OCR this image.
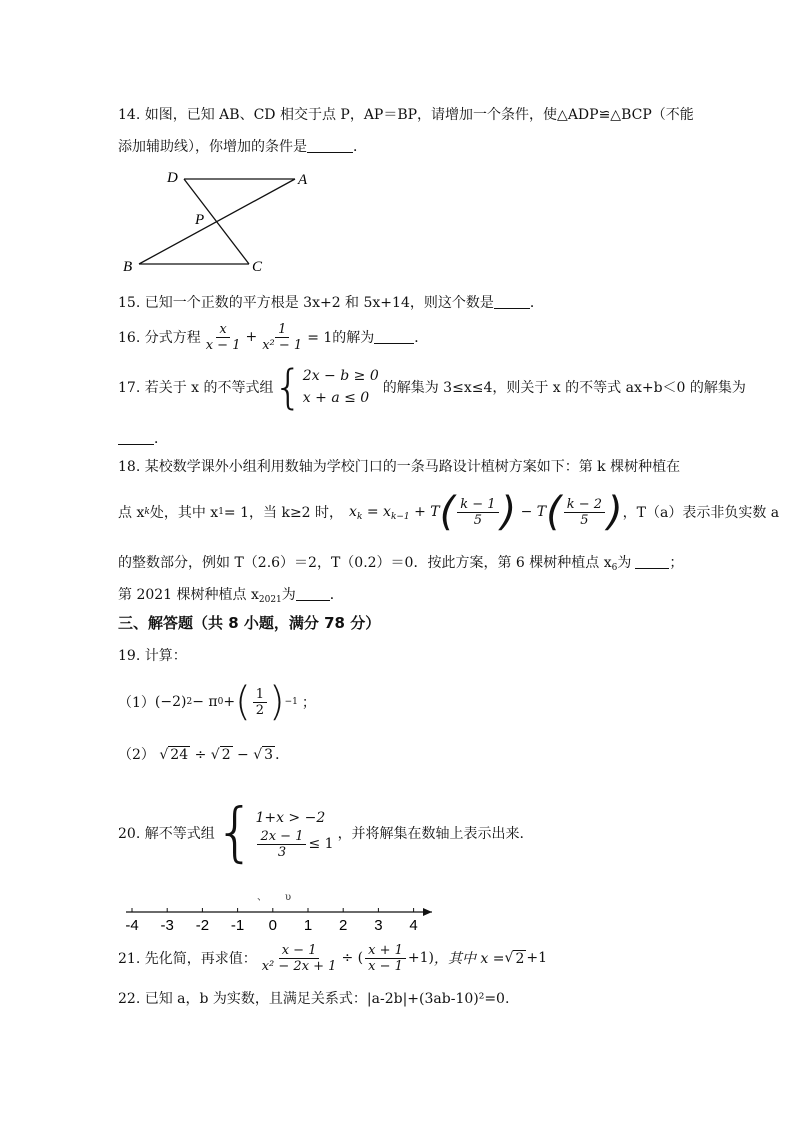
14. 如图，已知 AB、CD 相交于点 P，AP＝BP，请增加一个条件，使△ADP≌△BCP（不能
添加辅助线），你增加的条件是	．
D	A
P
B	C
15. 已知一个正数的平方根是 3x+2 和 5x+14，则这个数是	．
16. 分式方程 $\frac{x}{x - 1} + \frac{1}{\text{x² − 1}} = 1$的解为	．
17. 若关于 x 的不等式组 { 2x − b ≥ 0
x + a ≤ 0
的解集为 3≤x≤4，则关于 x 的不等式 ax+b＜0 的解集为
．
18. 某校数学课外小组利用数轴为学校门口的一条马路设计植树方案如下：第 k 棵树种植在
点 x k 处，其中 x 1 = 1，当 k≥2 时， $x_k = x_{k-1} + T( \frac{k - 1}{5}$ ) − $T( \frac{k - 2}{5}$ ) ，T（a）表示非负实数 a
的整数部分，例如 T（2.6）＝2，T（0.2）＝0．按此方案，第 6 棵树种植点 $x_6$为	；
第 2021 棵树种植点 $x_{2021}$为 ．
三、解答题（共 8 小题，满分 78 分）
19. 计算：
（1） (−2) 2 − π 0 + ( $\frac{1}{2}$ ) −1 ；
（2） √ 24 ÷ √ 2 − √ 3 ．
20. 解不等式组 { 1+x > −2
$\frac{2x - 1}{3} \le 1$
，并将解集在数轴上表示出来.
、 υ
-4 -3 -2 -1 0 1 2 3 4
21. 先化简，再求值： $\frac{x - 1}{\text{x² − 2x + 1}}$ ÷ ( $\frac{x + 1}{x - 1} +1$) ，其中 x = √ 2 +1
22. 已知 a，b 为实数，且满足关系式：|a-2b|+(3ab-10)²=0.
